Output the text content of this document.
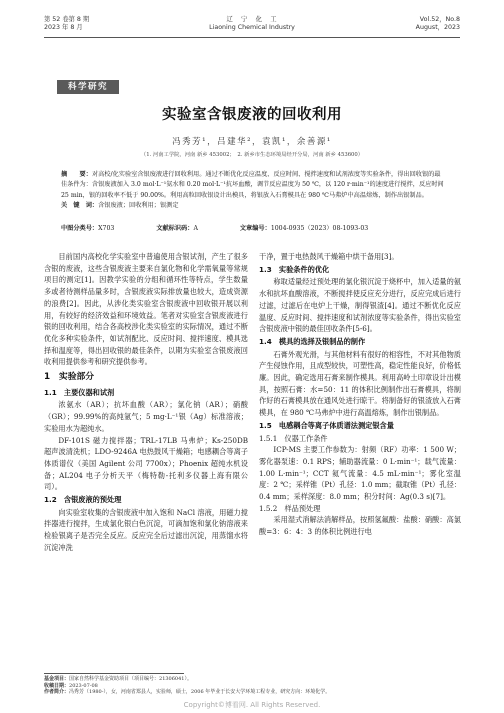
第 52 卷第 8 期
2023 年 8 月
辽　宁　化　工
Liaoning Chemical Industry
Vol.52，No.8
August，2023
科学研究
实验室含银废液的回收利用
冯秀芳¹，吕建华²，袁凯¹，余善源¹
（1. 河南工学院，河南 新乡 453002；　2. 新乡市生态环境局经开分局，河南 新乡 453600）
摘　　要：对高校/化实验室含银废液进行回收利用。通过不断优化反应温度、反应时间、搅拌速度和试剂浓度等实验条件，得出回收银的最佳条件为：含银废液加入 3.0 mol·L⁻¹氨水和 0.20 mol·L⁻¹抗坏血酸，调节反应温度为 50 ℃，以 120 r·min⁻¹的速度进行搅拌，反应时间 25 min，银的回收率不低于 90.00%。利用高粒回收银设计出模具，将银放入石膏模具在 980 ℃马弗炉中高温熔炼，制作出银制品。
关　键　词：含银废液；回收利用；银测定
中图分类号：X703	文献标识码：A	文章编号：1004-0935（2023）08-1093-03

目前国内高校化学实验室中普遍使用含银试剂，产生了很多含银的废液，这些含银废液主要来自氯化物和化学需氧量等常规项目的测定[1]。因教学实验的分组和循环性等特点，学生数量多或者待测样品量多时，含银废液实际排放量也较大，造成资源的浪费[2]。因此，从涉化类实验室含银废液中回收银开展以利用，有较好的经济效益和环境效益。笔者对实验室含银废液进行银的回收利用，结合各高校涉化类实验室的实际情况，通过不断优化多种实验条件，如试剂配比、反应时间、搅拌速度、模具选择和温度等，得出回收银的最佳条件，以期为实验室含银废液回收利用提供参考和研究提供参考。

1　实验部分
1.1　主要仪器和试剂

浓氨水（AR）；抗坏血酸（AR）；氯化钠（AR）；硝酸（GR）；99.99%的高纯氩气；5 mg·L⁻¹银（Ag）标准溶液；实验用水为超纯水。

DF-101S 磁力搅拌器；TRL-17LB 马弗炉；Ks-250DB 超声波清洗机；LDO-9246A 电热鼓风干燥箱；电感耦合等离子体质谱仪（美国 Agilent 公司 7700x）；Phoenix 超纯水机设备；AL204 电子分析天平（梅特勒-托利多仪器上海有限公司）。

1.2　含银废液的预处理

向实验室收集的含银废液中加入饱和 NaCl 溶液，用磁力搅拌器进行搅拌，生成氯化银白色沉淀，可滴加饱和氯化钠溶液来检验银离子是否完全反应。反应完全后过滤出沉淀，用蒸馏水将沉淀冲洗

干净，置于电热鼓风干燥箱中烘干备用[3]。

1.3　实验条件的优化

称取适量经过预处理的氯化银沉淀于烧杯中，加入适量的氨水和抗坏血酸溶液，不断搅拌使反应充分进行，反应完成后进行过滤，过滤后在电炉上干燥，制得银渣[4]。通过不断优化反应温度、反应时间、搅拌速度和试剂浓度等实验条件，得出实验室含银废液中银的最佳回收条件[5-6]。

1.4　模具的选择及银制品的制作

石膏外观光滑，与其他材料有很好的相容性，不对其他物质产生侵蚀作用，且成型较快，可塑性高，稳定性能良好，价格低廉。因此，确定选用石膏来制作模具。利用高岭土印章设计出模具，按照石膏：水=50：11 的体积比例制作出石膏模具，将制作好的石膏模具放在通风处进行晾干。将制备好的银渣放入石膏模具，在 980 ℃马弗炉中进行高温熔炼，制作出银制品。

1.5　电感耦合等离子体质谱法测定银含量
1.5.1　仪器工作条件

ICP-MS 主要工作参数为：射频（RF）功率：1 500 W；雾化器泵速：0.1 RPS；辅助器流量：0 L·min⁻¹；载气流量：1.00 L·min⁻¹；CCT 氦气流量：4.5 mL·min⁻¹；雾化室温度：2 ℃；采样锥（Pt）孔径：1.0 mm；截取锥（Pt）孔径：0.4 mm；采样深度：8.0 mm；积分时间：Ag(0.3 s)[7]。

1.5.2　样品预处理

采用湿式消解法消解样品，按照氢氟酸：盐酸：硝酸：高氯酸=3：6：4：3 的体积比例进行电

基金项目：国家自然科学基金资助项目（项目编号：21306041）。
收稿日期：2023-07-08
作者简介：冯秀芳（1980-），女，河南省郑县人，实验师，硕士，2006 年毕业于长安大学环境工程专业，研究方向：环境化学。
Copyright©博看网. All Rights Reserved.
